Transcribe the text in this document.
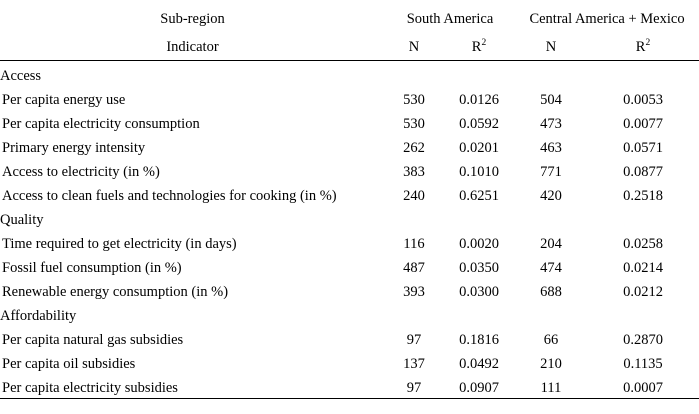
Sub-region	South America		Central America + Mexico	
Indicator	N	$R^2$	N	$R^2$

Access				
Per capita energy use	530	0.0126	504	0.0053
Per capita electricity consumption	530	0.0592	473	0.0077
Primary energy intensity	262	0.0201	463	0.0571
Access to electricity (in %)	383	0.1010	771	0.0877
Access to clean fuels and technologies for cooking (in %)	240	0.6251	420	0.2518
Quality				
Time required to get electricity (in days)	116	0.0020	204	0.0258
Fossil fuel consumption (in %)	487	0.0350	474	0.0214
Renewable energy consumption (in %)	393	0.0300	688	0.0212
Affordability				
Per capita natural gas subsidies	97	0.1816	66	0.2870
Per capita oil subsidies	137	0.0492	210	0.1135
Per capita electricity subsidies	97	0.0907	111	0.0007
